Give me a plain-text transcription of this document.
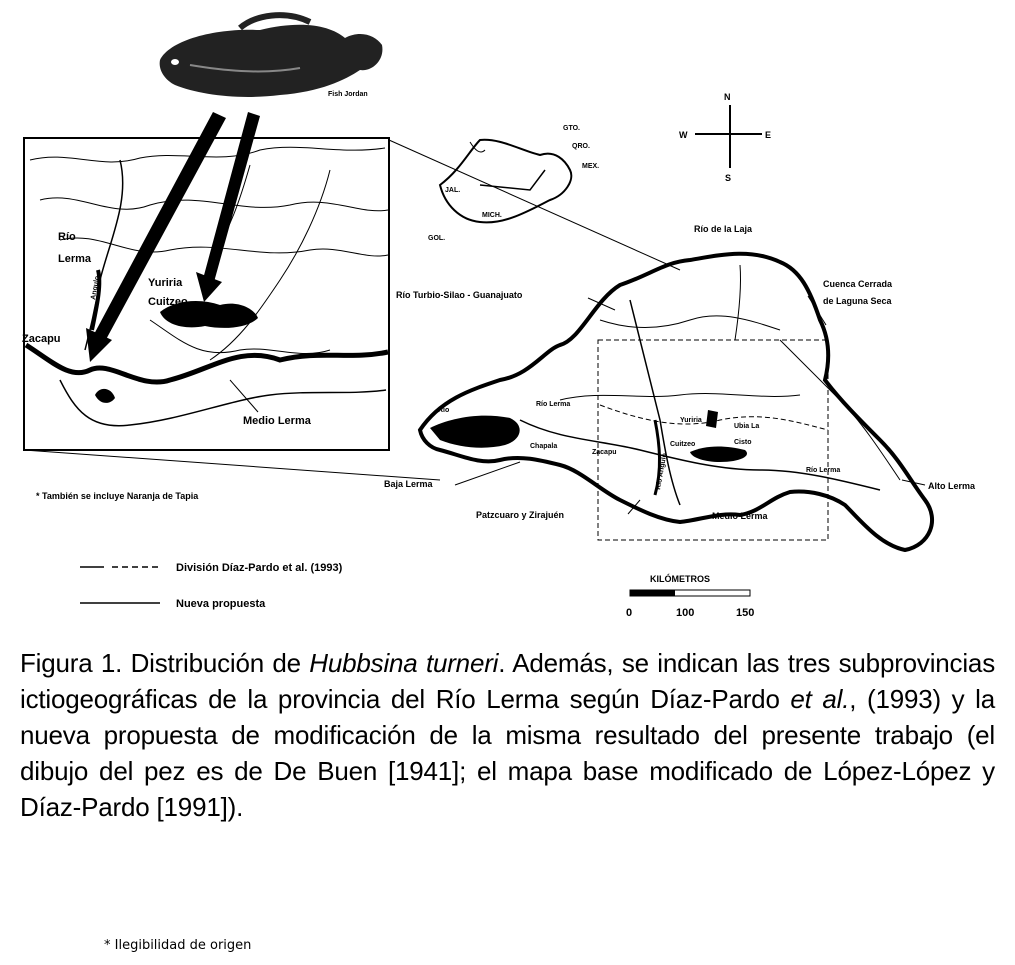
Fish Jordan
Río
Lerma
Yuriria
Cuitzeo
Zacapu
Angulo
Medio Lerma
* También se incluye Naranja de Tapia
JAL.
MICH.
GTO.
QRO.
MEX.
GOL.
N
S
W	E
Río de la Laja
Cuenca Cerrada
de Laguna Seca
Río Turbio-Silao - Guanajuato
Río Lerma
Yuriria
Chapala
Zacapu
Río Angulo
Cuitzeo
Ubia La
Cisto
Río Lerma
Alto Lerma
Baja Lerma
Patzcuaro y Zirajuén	Medio Lerma
Río
División Díaz-Pardo et al. (1993)
Nueva propuesta
KILÓMETROS
0	100	150
Figura 1. Distribución de Hubbsina turneri. Además, se indican las tres subprovincias ictiogeográficas de la provincia del Río Lerma según Díaz-Pardo et al., (1993) y la nueva propuesta de modificación de la misma resultado del presente trabajo (el dibujo del pez es de De Buen [1941]; el mapa base modificado de López-López y Díaz-Pardo [1991]).
* Ilegibilidad de origen
